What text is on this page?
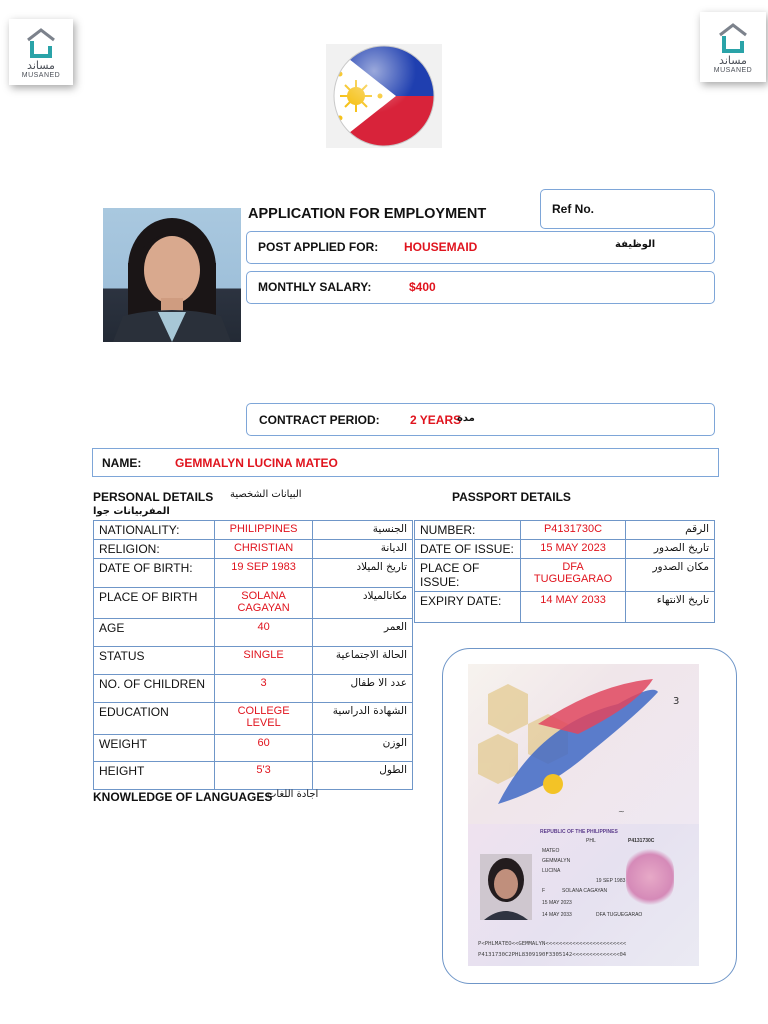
مساند
MUSANED
مساند
MUSANED
APPLICATION FOR EMPLOYMENT	Ref No.
POST APPLIED FOR: HOUSEMAID	الوظيفة
MONTHLY SALARY:	$400
CONTRACT PERIOD:	2 YEARS
مدة
NAME:	GEMMALYN LUCINA MATEO
PERSONAL DETAILS البيانات الشخصية
المفربيانات جوا
PASSPORT DETAILS
NATIONALITY:	PHILIPPINES	الجنسية
RELIGION:	CHRISTIAN	الديانة
DATE OF BIRTH:	19 SEP 1983	تاريخ الميلاد
PLACE OF BIRTH	SOLANA CAGAYAN	مكانالميلاد
AGE	40	العمر
STATUS	SINGLE	الحالة الاجتماعية
NO. OF CHILDREN	3	عدد الا طفال
EDUCATION	COLLEGE LEVEL	الشهادة الدراسية
WEIGHT	60	الوزن
HEIGHT	5'3	الطول
NUMBER:	P4131730C	الرقم
DATE OF ISSUE:	15 MAY 2023	تاريخ الصدور
PLACE OF ISSUE:	DFA TUGUEGARAO	مكان الصدور
EXPIRY DATE:	14 MAY 2033	تاريخ الانتهاء
KNOWLEDGE OF LANGUAGES
اجادة اللغات
3
~
REPUBLIC OF THE PHILIPPINES
P4131730C
PHL
MATEO
GEMMALYN
LUCINA
19 SEP 1983
F	SOLANA CAGAYAN
15 MAY 2023
14 MAY 2033	DFA TUGUEGARAO
P<PHLMATEO<<GEMMALYN<<<<<<<<<<<<<<<<<<<<<<<<
P4131730C2PHL8309190F3305142<<<<<<<<<<<<<<04
